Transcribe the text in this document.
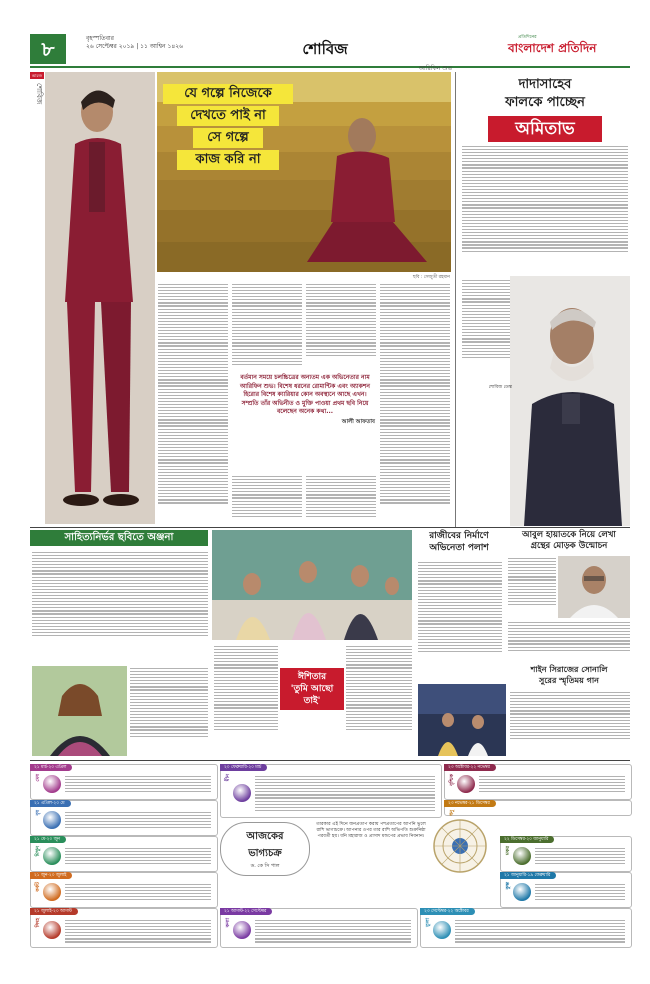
৮	বৃহস্পতিবার
২৬ সেপ্টেম্বর ২০১৯ | ১১ আশ্বিন ১৪২৬	শোবিজ
প্রতিদিনের
বাংলাদেশ প্রতিদিন
আরজ
শোবিজ
আরিফিন শুভ
যে গল্পে নিজেকে
দেখতে পাই না
সে গল্পে
কাজ করি না
ছবি : সেজুতী রহমান
বর্তমান সময়ে চলচ্চিত্রের অন্যতম এক অভিনেতার নাম আরিফিন শুভ। বিশেষ ধরনের রোমান্টিক এবং অ্যাকশন হিরোর বিশেষ ক্যারিয়ার কোন অবস্থানে আছে এখন। সম্প্রতি তাঁর অভিনীত ও মুক্তি পাওয়া প্রথম ছবি নিয়ে বলেছেন অনেক কথা...
আলী আফতাব
দাদাসাহেব
ফালকে পাচ্ছেন
অমিতাভ
শোবিজ ডেস্ক
সাহিত্যনির্ভর ছবিতে অঞ্জনা
ঈশিতার
'তুমি আছো
তাই'
রাজীবের নির্মাণে
অভিনেতা পলাশ
আবুল হায়াতকে নিয়ে লেখা
গ্রন্থের মোড়ক উন্মোচন
শাইন সিরাজের সোনালি
সুরের স্মৃতিময় গান
আজকের
ভাগ্যচক্র
ড. কে সি পাল
তারকার এই দিনে জনপ্রতাপ করায় পশপ্রতাপের আপনি ভুলে রাশি ভাগ্যচক্রে। আপনার ওপর তার রাশি অভিপতি শুক্রনিষ্ঠা পরবর্তী হয়। ধনি মহারাজ ও প্রাসাদ মন্ডপের প্রভাব নিবনান।
২১ মার্চ-২০ এপ্রিল
মেষ
২১ এপ্রিল-২০ মে
বৃষ
২১ মে-২০ জুন
মিথুন
২১ জুন-২০ জুলাই
কর্কট
২১ জুলাই-২০ আগস্ট
সিংহ
২১ আগস্ট-২২ সেপ্টেম্বর
কন্যা
২৩ সেপ্টেম্বর-২২ অক্টোবর
তুলা
২৩ অক্টোবর-২২ নভেম্বর
বৃশ্চিক
২৩ নভেম্বর-২১ ডিসেম্বর
ধনু
২২ ডিসেম্বর-২০ জানুয়ারি
মকর
২১ জানুয়ারি-১৯ ফেব্রুয়ারি
কুম্ভ
২০ ফেব্রুয়ারি-২০ মার্চ
মীন
